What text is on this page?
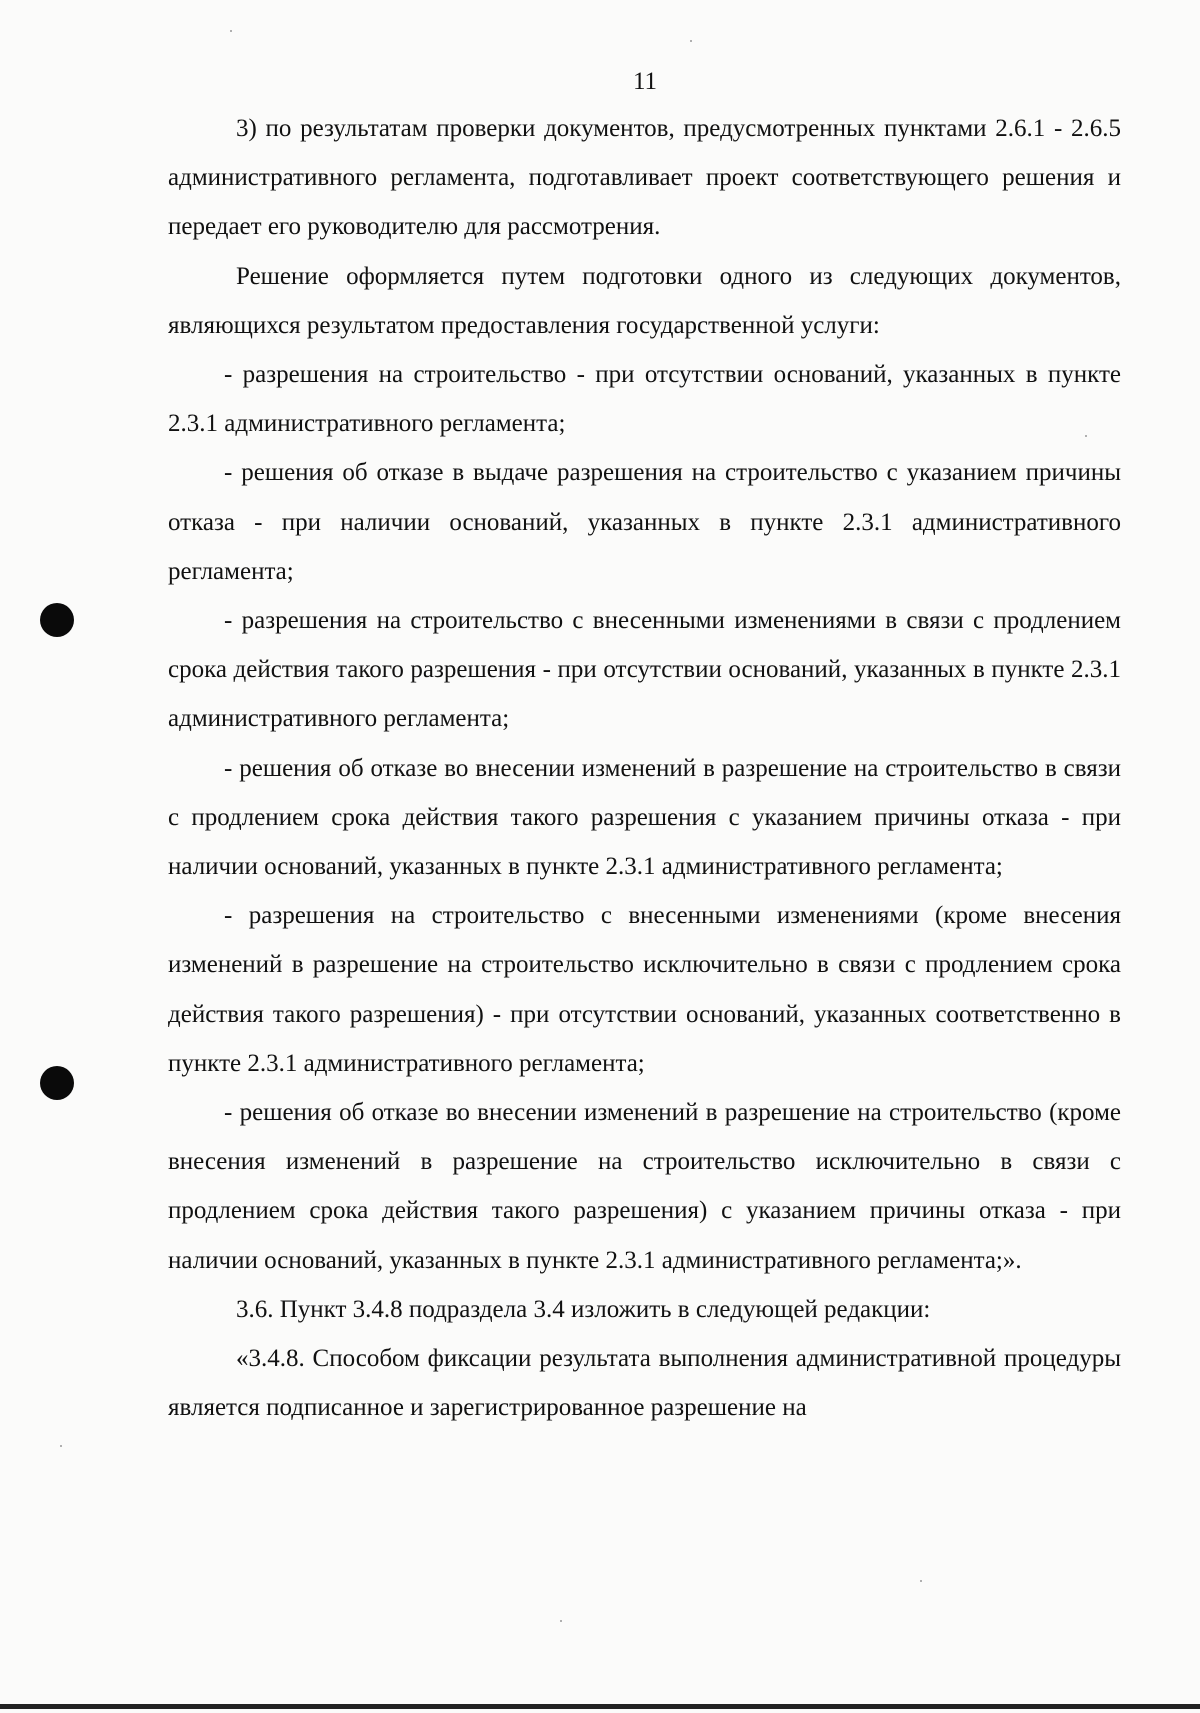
11

3) по результатам проверки документов, предусмотренных пунктами 2.6.1 - 2.6.5 административного регламента, подготавливает проект соответствующего решения и передает его руководителю для рассмотрения.

Решение оформляется путем подготовки одного из следующих документов, являющихся результатом предоставления государственной услуги:

- разрешения на строительство - при отсутствии оснований, указанных в пункте 2.3.1 административного регламента;

- решения об отказе в выдаче разрешения на строительство с указанием причины отказа - при наличии оснований, указанных в пункте 2.3.1 административного регламента;

- разрешения на строительство с внесенными изменениями в связи с продлением срока действия такого разрешения - при отсутствии оснований, указанных в пункте 2.3.1 административного регламента;

- решения об отказе во внесении изменений в разрешение на строительство в связи с продлением срока действия такого разрешения с указанием причины отказа - при наличии оснований, указанных в пункте 2.3.1 административного регламента;

- разрешения на строительство с внесенными изменениями (кроме внесения изменений в разрешение на строительство исключительно в связи с продлением срока действия такого разрешения) - при отсутствии оснований, указанных соответственно в пункте 2.3.1 административного регламента;

- решения об отказе во внесении изменений в разрешение на строительство (кроме внесения изменений в разрешение на строительство исключительно в связи с продлением срока действия такого разрешения) с указанием причины отказа - при наличии оснований, указанных в пункте 2.3.1 административного регламента;».

3.6. Пункт 3.4.8 подраздела 3.4 изложить в следующей редакции:

«3.4.8. Способом фиксации результата выполнения административной процедуры является подписанное и зарегистрированное разрешение на
